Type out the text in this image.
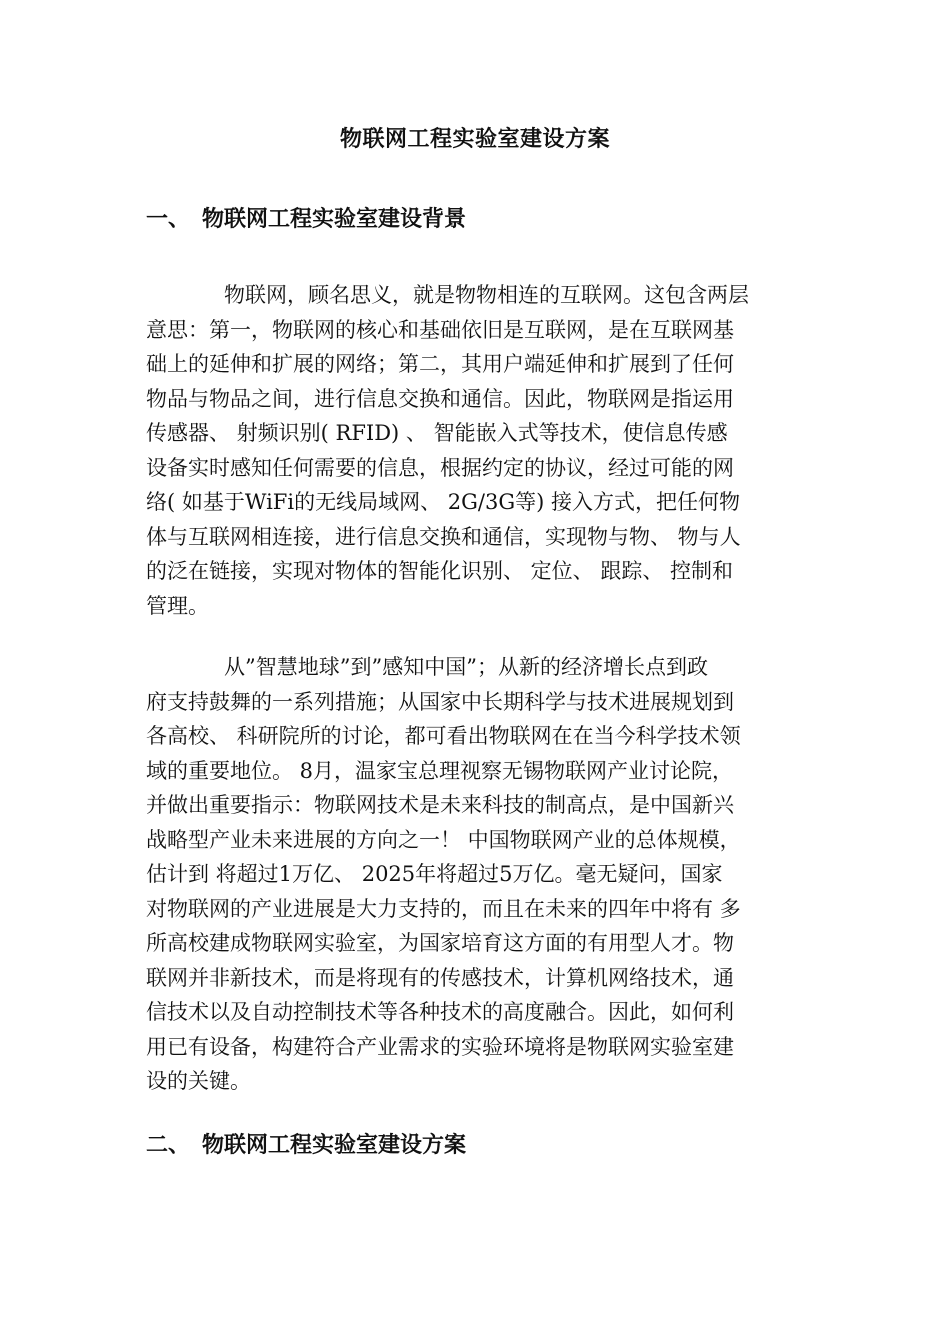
物联网工程实验室建设方案
一、 物联网工程实验室建设背景
物联网，顾名思义，就是物物相连的互联网。这包含两层
意思：第一，物联网的核心和基础依旧是互联网，是在互联网基
础上的延伸和扩展的网络；第二，其用户端延伸和扩展到了任何
物品与物品之间，进行信息交换和通信。因此，物联网是指运用
传感器、 射频识别( RFID) 、 智能嵌入式等技术，使信息传感
设备实时感知任何需要的信息，根据约定的协议，经过可能的网
络( 如基于WiFi的无线局域网、 2G/3G等) 接入方式，把任何物
体与互联网相连接，进行信息交换和通信，实现物与物、 物与人
的泛在链接，实现对物体的智能化识别、 定位、 跟踪、 控制和
管理。
从”智慧地球”到”感知中国”；从新的经济增长点到政
府支持鼓舞的一系列措施；从国家中长期科学与技术进展规划到
各高校、 科研院所的讨论，都可看出物联网在在当今科学技术领
域的重要地位。 8月，温家宝总理视察无锡物联网产业讨论院，
并做出重要指示：物联网技术是未来科技的制高点，是中国新兴
战略型产业未来进展的方向之一！ 中国物联网产业的总体规模，
估计到 将超过1万亿、 2025年将超过5万亿。毫无疑问，国家
对物联网的产业进展是大力支持的，而且在未来的四年中将有 多
所高校建成物联网实验室，为国家培育这方面的有用型人才。物
联网并非新技术，而是将现有的传感技术，计算机网络技术，通
信技术以及自动控制技术等各种技术的高度融合。因此，如何利
用已有设备，构建符合产业需求的实验环境将是物联网实验室建
设的关键。
二、 物联网工程实验室建设方案
